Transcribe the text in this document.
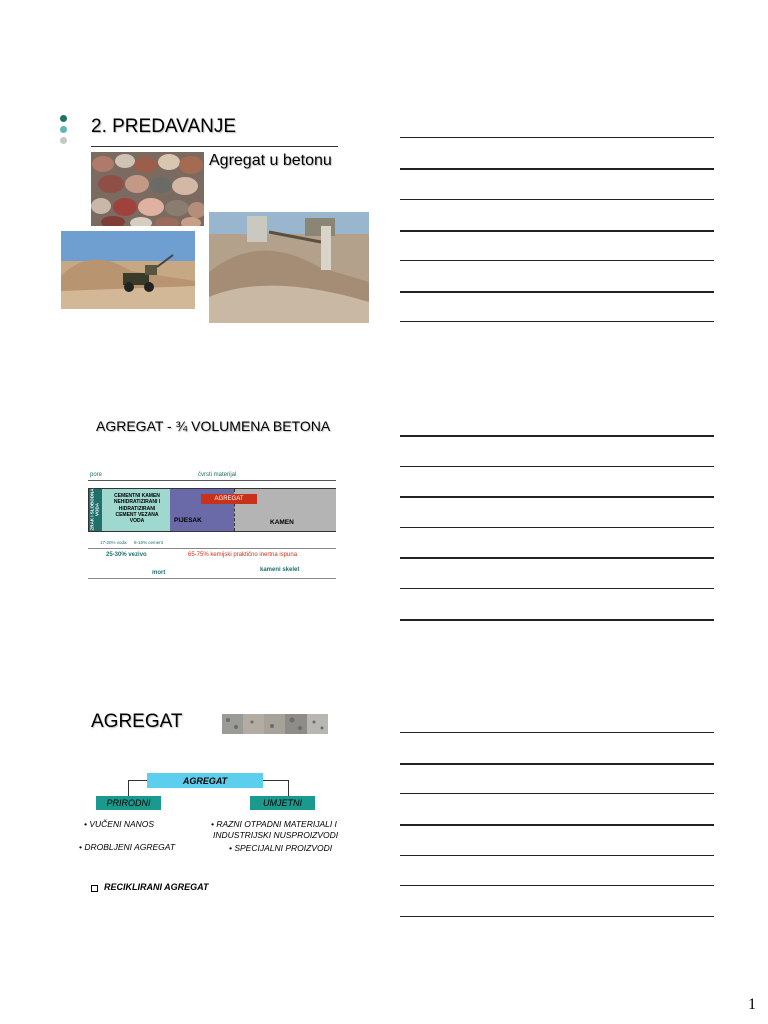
2. PREDAVANJE
Agregat u betonu
AGREGAT - ¾ VOLUMENA BETONA
pore	čvrsti materijal
ZRAK I SLOBODNA VODA
CEMENTNI KAMEN NEHIDRATIZIRANI I HIDRATIZIRANI CEMENT VEZANA VODA	PIJESAK	KAMEN
AGREGAT
17-20% voda 8-16% cement
25-30% vezivo	65-75% kemijski praktično inertna ispuna
mort	kameni skelet
AGREGAT
AGREGAT
PRIRODNI	UMJETNI
• VUČENI NANOS
• DROBLJENI AGREGAT
• RAZNI OTPADNI MATERIJALI I
INDUSTRIJSKI NUSPROIZVODI
• SPECIJALNI PROIZVODI
RECIKLIRANI AGREGAT
1
